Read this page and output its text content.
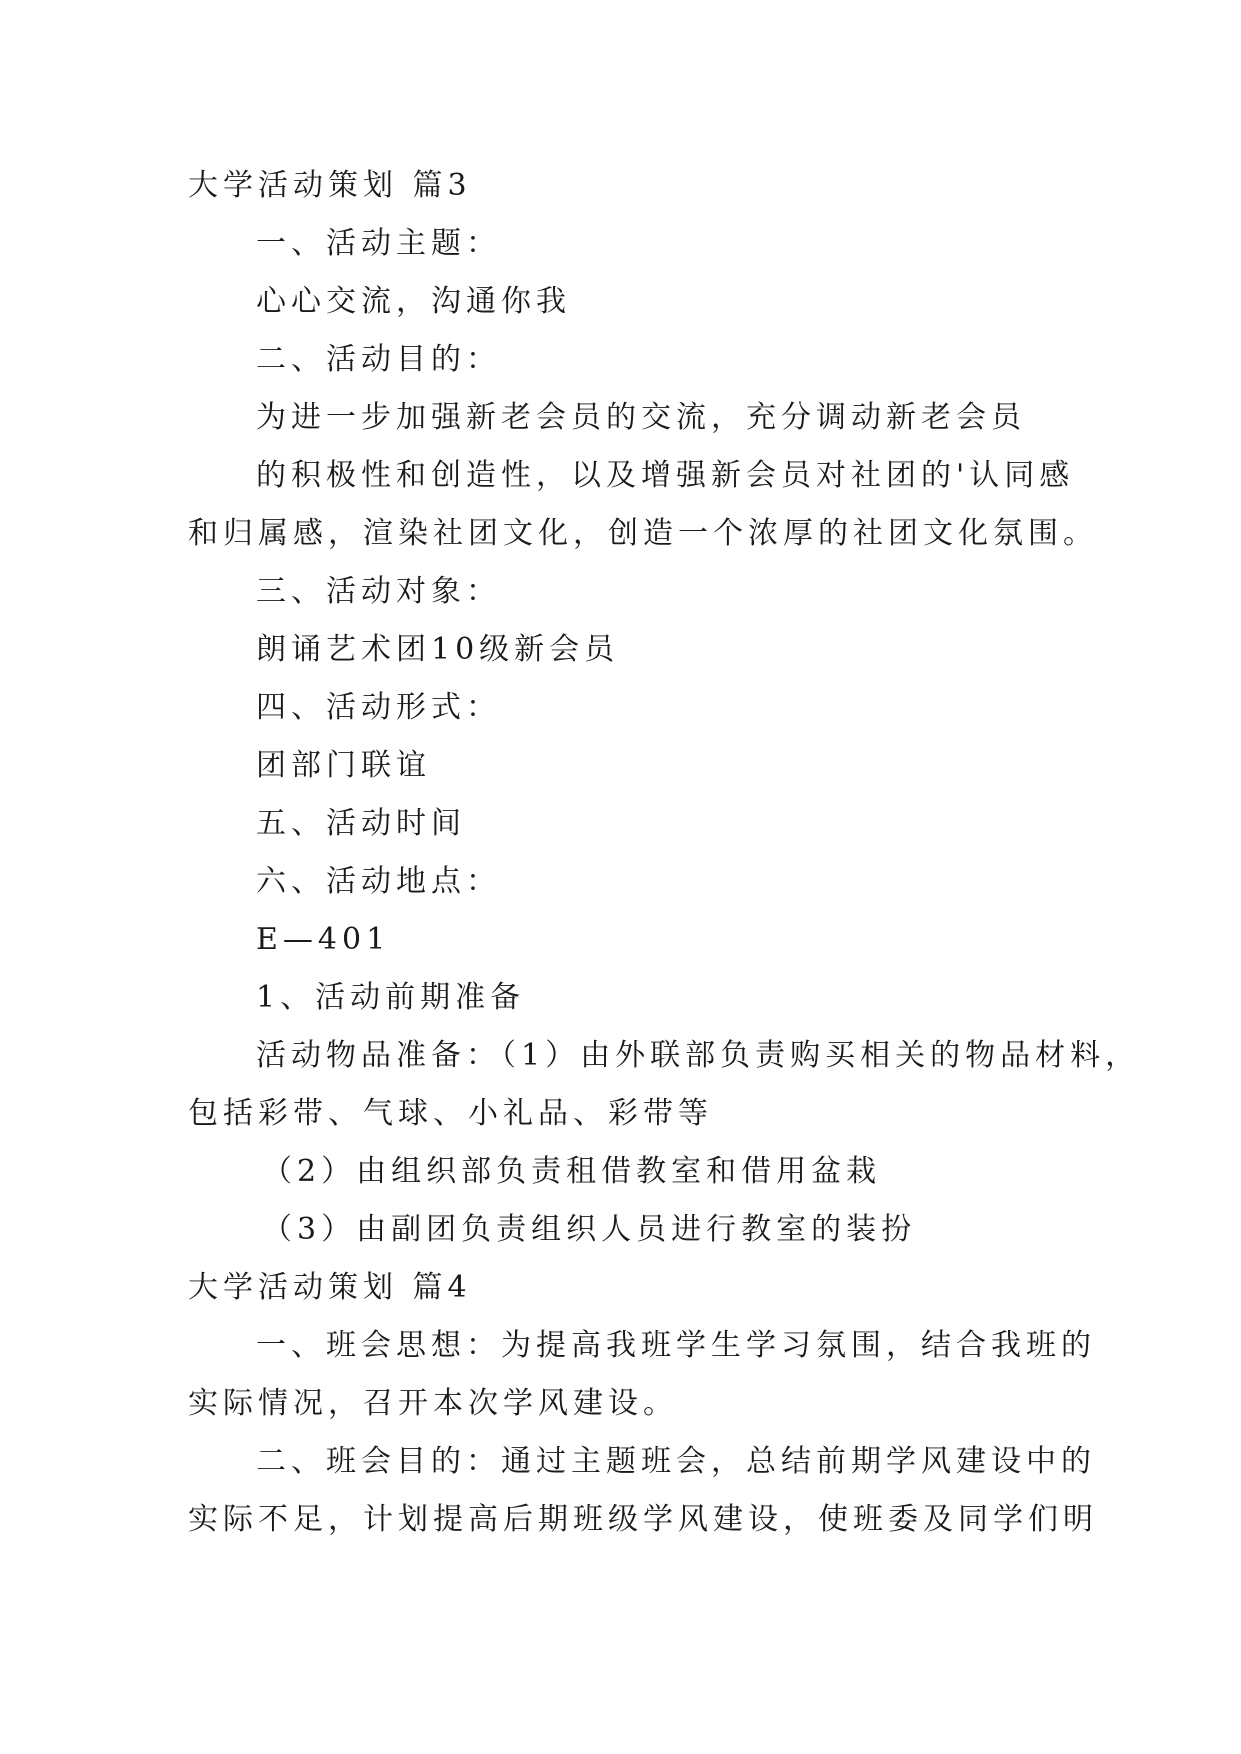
大学活动策划 篇3
一、活动主题：
心心交流，沟通你我
二、活动目的：
为进一步加强新老会员的交流，充分调动新老会员
的积极性和创造性，以及增强新会员对社团的'认同感
和归属感，渲染社团文化，创造一个浓厚的社团文化氛围。
三、活动对象：
朗诵艺术团10级新会员
四、活动形式：
团部门联谊
五、活动时间
六、活动地点：
E—401
1、活动前期准备
活动物品准备：（1）由外联部负责购买相关的物品材料，
包括彩带、气球、小礼品、彩带等
（2）由组织部负责租借教室和借用盆栽
（3）由副团负责组织人员进行教室的装扮
大学活动策划 篇4
一、班会思想：为提高我班学生学习氛围，结合我班的
实际情况，召开本次学风建设。
二、班会目的：通过主题班会，总结前期学风建设中的
实际不足，计划提高后期班级学风建设，使班委及同学们明
